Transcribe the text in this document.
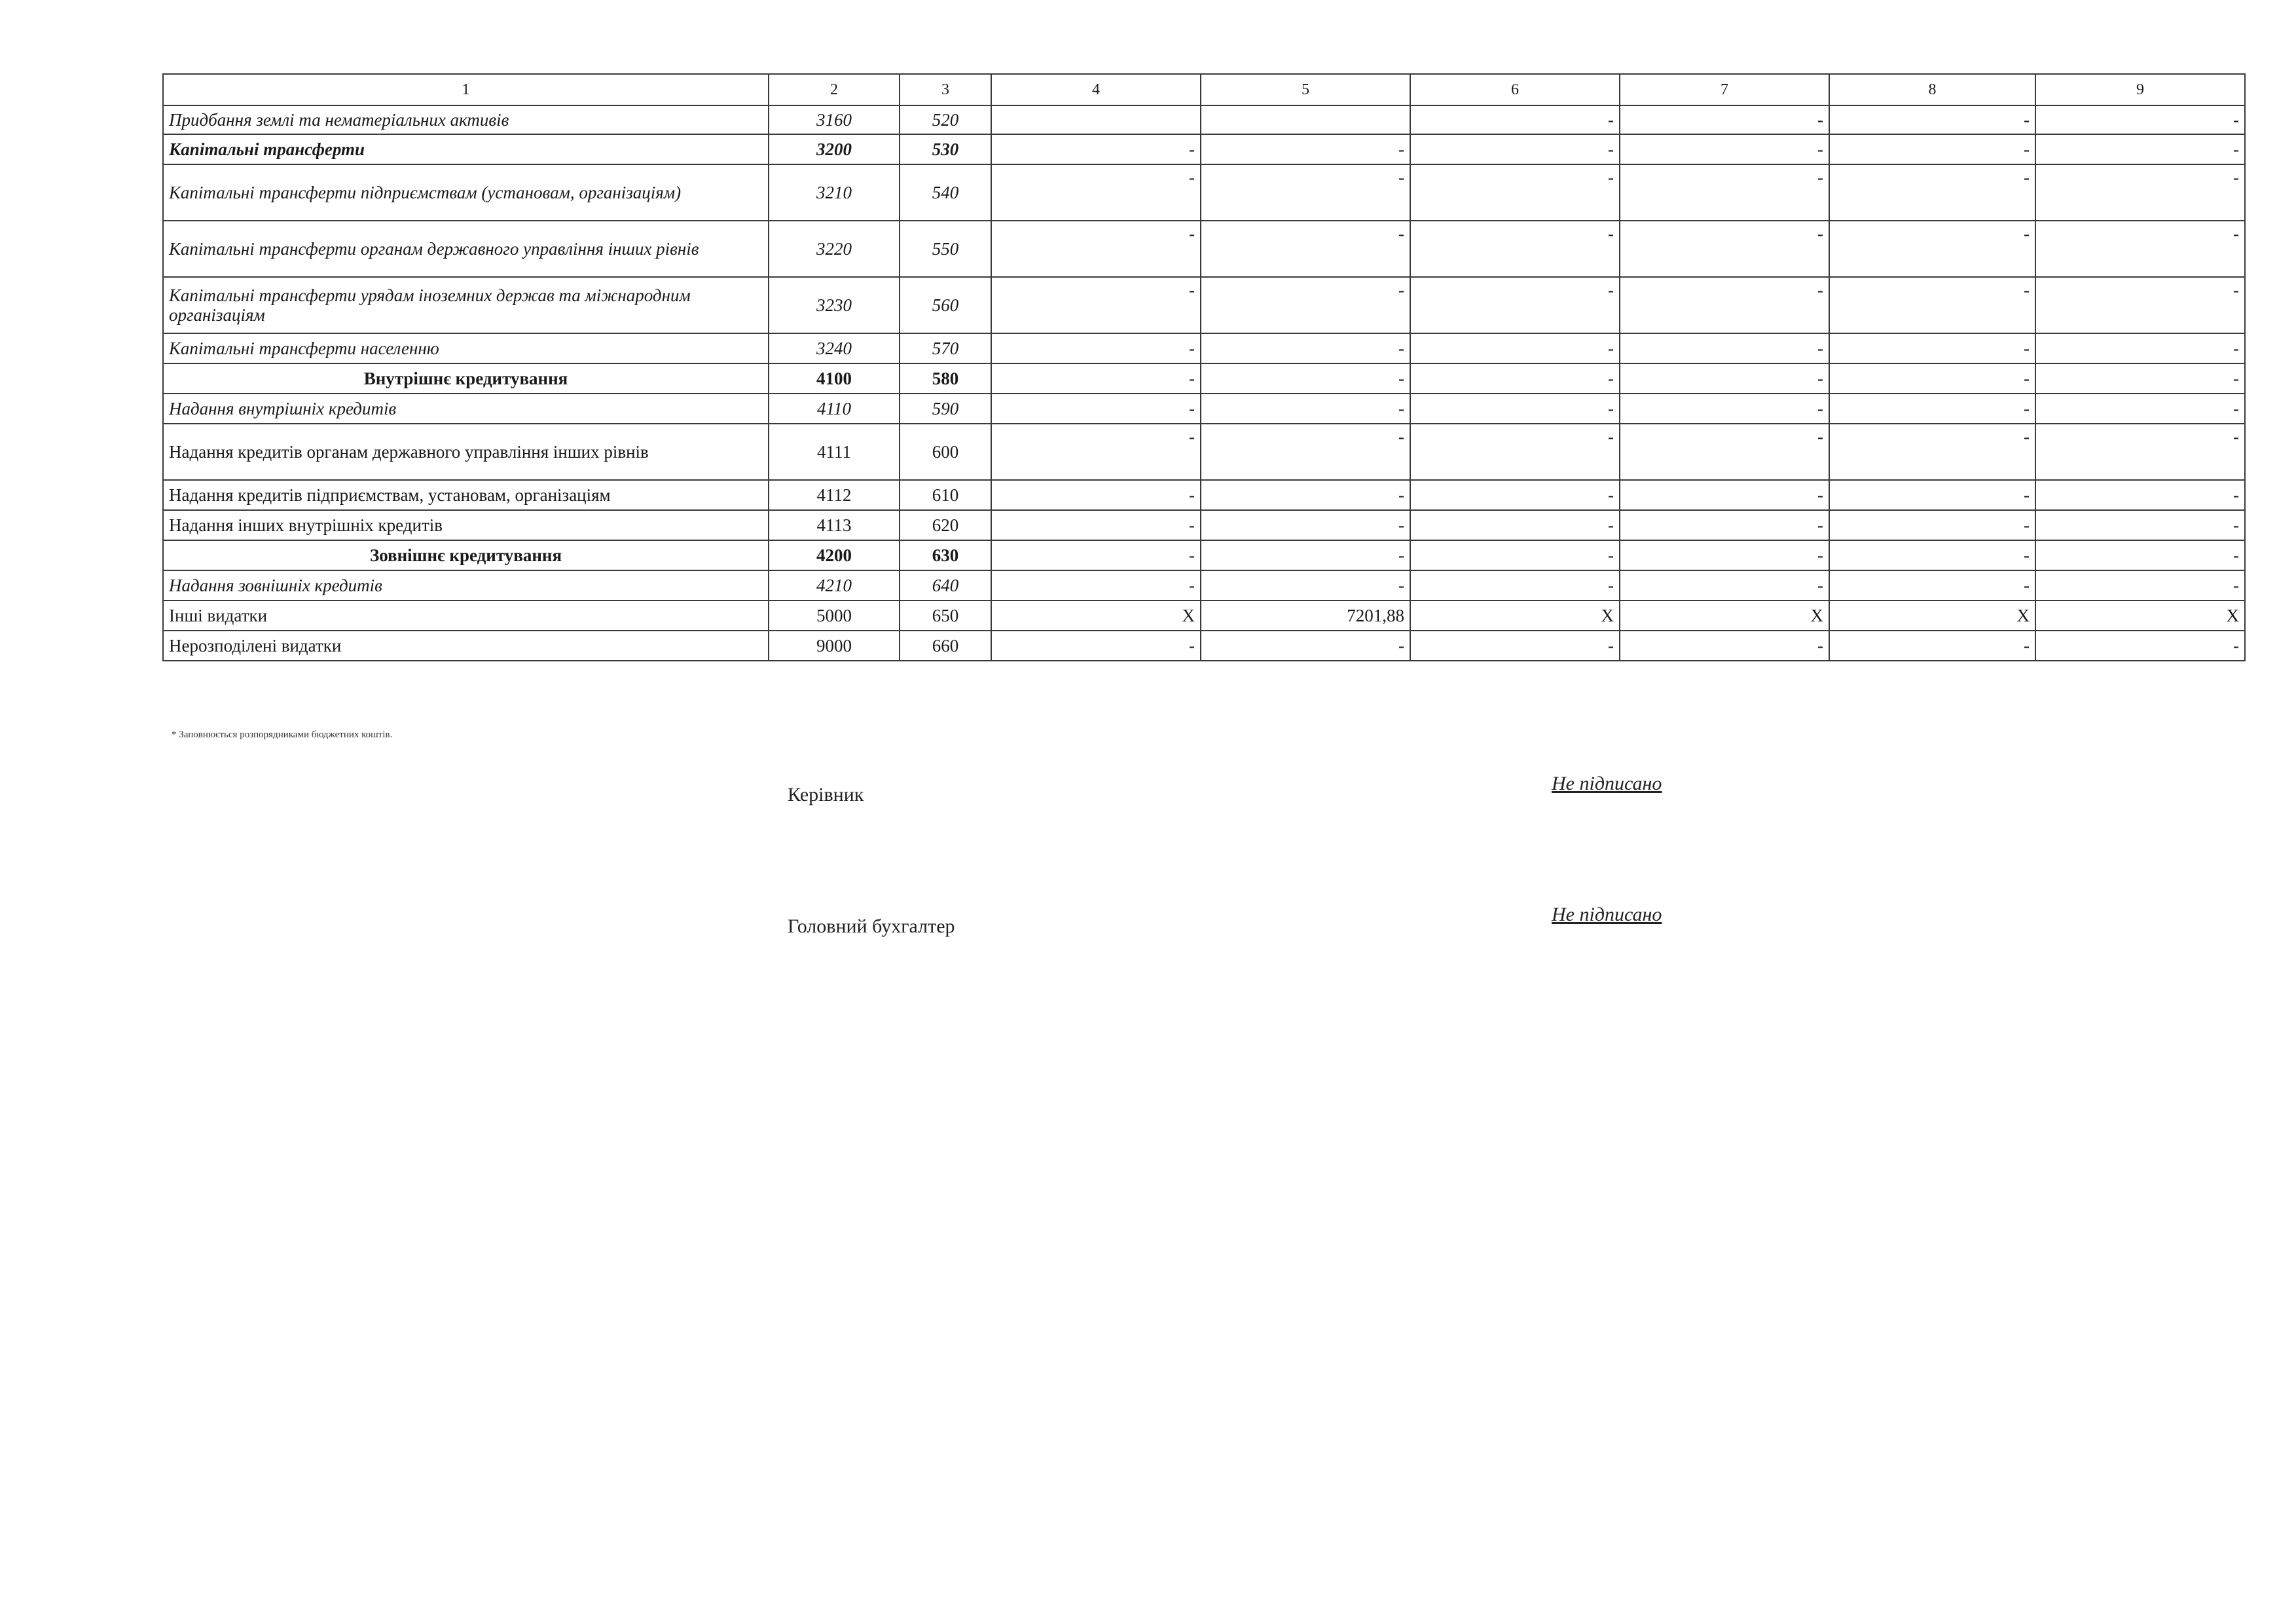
1	2	3	4	5	6	7	8	9
Придбання землі та нематеріальних активів	3160	520			-	-	-	-
Капітальні трансферти	3200	530	-	-	-	-	-	-
Капітальні трансферти підприємствам (установам, організаціям)	3210	540	-	-	-	-	-	-
Капітальні трансферти органам державного управління інших рівнів	3220	550	-	-	-	-	-	-
Капітальні трансферти урядам іноземних держав та міжнародним організаціям	3230	560	-	-	-	-	-	-
Капітальні трансферти населенню	3240	570	-	-	-	-	-	-
Внутрішнє кредитування	4100	580	-	-	-	-	-	-
Надання внутрішніх кредитів	4110	590	-	-	-	-	-	-
Надання кредитів органам державного управління інших рівнів	4111	600	-	-	-	-	-	-
Надання кредитів підприємствам, установам, організаціям	4112	610	-	-	-	-	-	-
Надання інших внутрішніх кредитів	4113	620	-	-	-	-	-	-
Зовнішнє кредитування	4200	630	-	-	-	-	-	-
Надання зовнішніх кредитів	4210	640	-	-	-	-	-	-
Інші видатки	5000	650	X	7201,88	X	X	X	X
Нерозподілені видатки	9000	660	-	-	-	-	-	-
* Заповнюється розпорядниками бюджетних коштів.
Керівник
Не підписано
Головний бухгалтер
Не підписано
